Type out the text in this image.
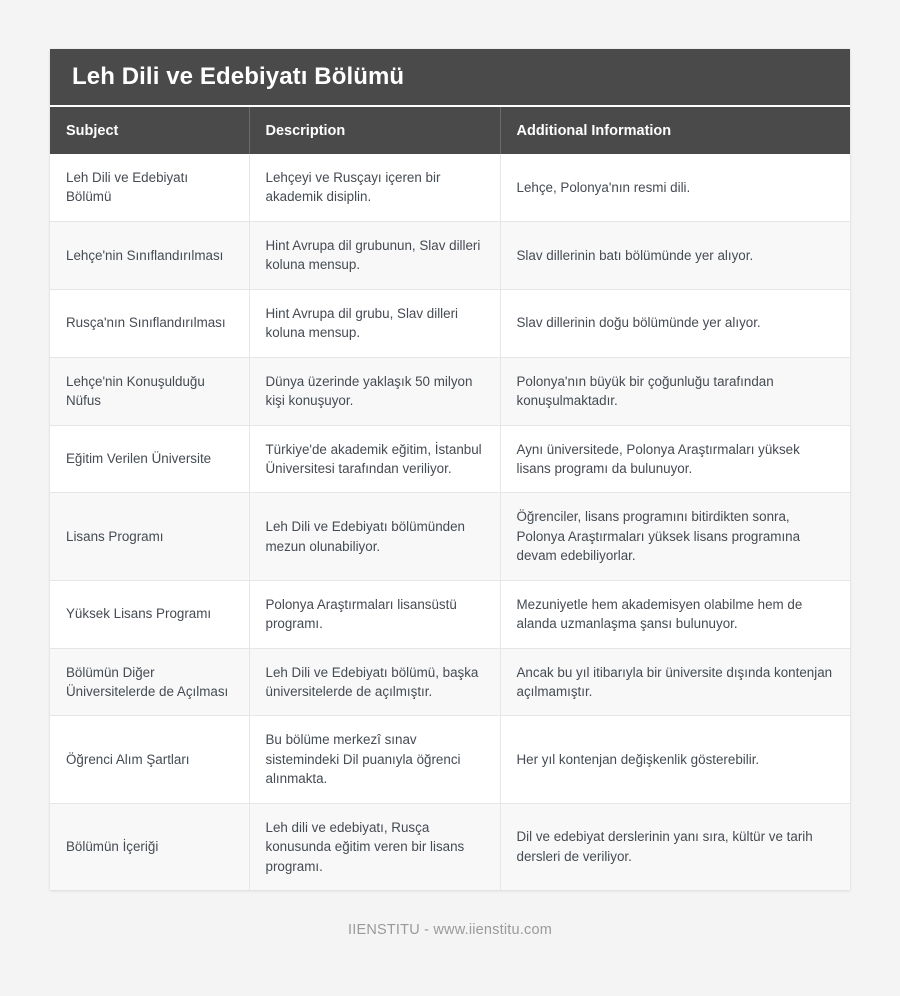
Leh Dili ve Edebiyatı Bölümü
Subject	Description	Additional Information
Leh Dili ve Edebiyatı Bölümü	Lehçeyi ve Rusçayı içeren bir akademik disiplin.	Lehçe, Polonya'nın resmi dili.
Lehçe'nin Sınıflandırılması	Hint Avrupa dil grubunun, Slav dilleri koluna mensup.	Slav dillerinin batı bölümünde yer alıyor.
Rusça'nın Sınıflandırılması	Hint Avrupa dil grubu, Slav dilleri koluna mensup.	Slav dillerinin doğu bölümünde yer alıyor.
Lehçe'nin Konuşulduğu Nüfus	Dünya üzerinde yaklaşık 50 milyon kişi konuşuyor.	Polonya'nın büyük bir çoğunluğu tarafından konuşulmaktadır.
Eğitim Verilen Üniversite	Türkiye'de akademik eğitim, İstanbul Üniversitesi tarafından veriliyor.	Aynı üniversitede, Polonya Araştırmaları yüksek lisans programı da bulunuyor.
Lisans Programı	Leh Dili ve Edebiyatı bölümünden mezun olunabiliyor.	Öğrenciler, lisans programını bitirdikten sonra, Polonya Araştırmaları yüksek lisans programına devam edebiliyorlar.
Yüksek Lisans Programı	Polonya Araştırmaları lisansüstü programı.	Mezuniyetle hem akademisyen olabilme hem de alanda uzmanlaşma şansı bulunuyor.
Bölümün Diğer Üniversitelerde de Açılması	Leh Dili ve Edebiyatı bölümü, başka üniversitelerde de açılmıştır.	Ancak bu yıl itibarıyla bir üniversite dışında kontenjan açılmamıştır.
Öğrenci Alım Şartları	Bu bölüme merkezî sınav sistemindeki Dil puanıyla öğrenci alınmakta.	Her yıl kontenjan değişkenlik gösterebilir.
Bölümün İçeriği	Leh dili ve edebiyatı, Rusça konusunda eğitim veren bir lisans programı.	Dil ve edebiyat derslerinin yanı sıra, kültür ve tarih dersleri de veriliyor.
IIENSTITU - www.iienstitu.com
